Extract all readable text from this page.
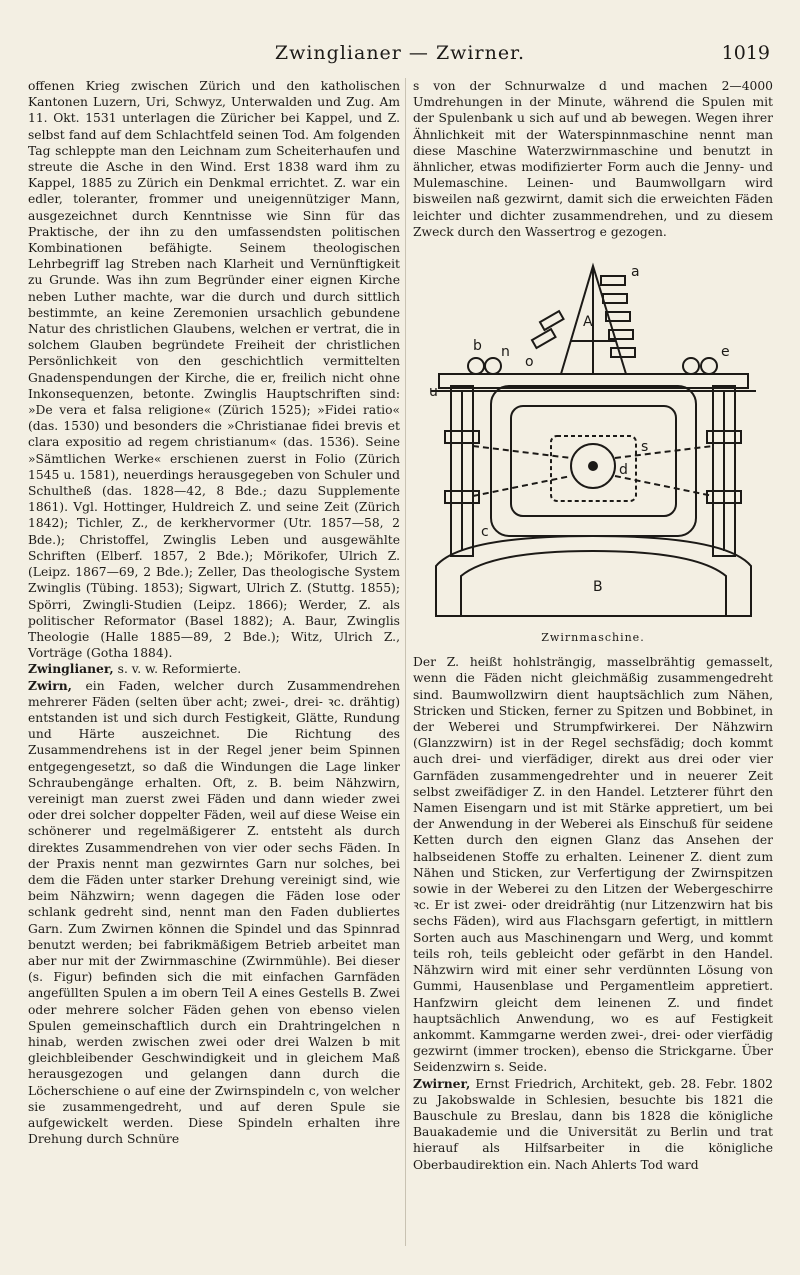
Zwinglianer — Zwirner.	1019

offenen Krieg zwischen Zürich und den katholischen Kantonen Luzern, Uri, Schwyz, Unterwalden und Zug. Am 11. Okt. 1531 unterlagen die Züricher bei Kappel, und Z. selbst fand auf dem Schlachtfeld seinen Tod. Am folgenden Tag schleppte man den Leichnam zum Scheiterhaufen und streute die Asche in den Wind. Erst 1838 ward ihm zu Kappel, 1885 zu Zürich ein Denkmal errichtet. Z. war ein edler, toleranter, frommer und uneigennütziger Mann, ausgezeichnet durch Kenntnisse wie Sinn für das Praktische, der ihn zu den umfassendsten politischen Kombinationen befähigte. Seinem theologischen Lehrbegriff lag Streben nach Klarheit und Vernünftigkeit zu Grunde. Was ihn zum Begründer einer eignen Kirche neben Luther machte, war die durch und durch sittlich bestimmte, an keine Zeremonien ursachlich gebundene Natur des christlichen Glaubens, welchen er vertrat, die in solchem Glauben begründete Freiheit der christlichen Persönlichkeit von den geschichtlich vermittelten Gnadenspendungen der Kirche, die er, freilich nicht ohne Inkonsequenzen, betonte. Zwinglis Hauptschriften sind: »De vera et falsa religione« (Zürich 1525); »Fidei ratio« (das. 1530) und besonders die »Christianae fidei brevis et clara expositio ad regem christianum« (das. 1536). Seine »Sämtlichen Werke« erschienen zuerst in Folio (Zürich 1545 u. 1581), neuerdings herausgegeben von Schuler und Schultheß (das. 1828—42, 8 Bde.; dazu Supplemente 1861). Vgl. Hottinger, Huldreich Z. und seine Zeit (Zürich 1842); Tichler, Z., de kerkhervormer (Utr. 1857—58, 2 Bde.); Christoffel, Zwinglis Leben und ausgewählte Schriften (Elberf. 1857, 2 Bde.); Mörikofer, Ulrich Z. (Leipz. 1867—69, 2 Bde.); Zeller, Das theologische System Zwinglis (Tübing. 1853); Sigwart, Ulrich Z. (Stuttg. 1855); Spörri, Zwingli-Studien (Leipz. 1866); Werder, Z. als politischer Reformator (Basel 1882); A. Baur, Zwinglis Theologie (Halle 1885—89, 2 Bde.); Witz, Ulrich Z., Vorträge (Gotha 1884).

Zwinglianer, s. v. w. Reformierte.

Zwirn, ein Faden, welcher durch Zusammendrehen mehrerer Fäden (selten über acht; zwei-, drei- ꝛc. drähtig) entstanden ist und sich durch Festigkeit, Glätte, Rundung und Härte auszeichnet. Die Richtung des Zusammendrehens ist in der Regel jener beim Spinnen entgegengesetzt, so daß die Windungen die Lage linker Schraubengänge erhalten. Oft, z. B. beim Nähzwirn, vereinigt man zuerst zwei Fäden und dann wieder zwei oder drei solcher doppelter Fäden, weil auf diese Weise ein schönerer und regelmäßigerer Z. entsteht als durch direktes Zusammendrehen von vier oder sechs Fäden. In der Praxis nennt man gezwirntes Garn nur solches, bei dem die Fäden unter starker Drehung vereinigt sind, wie beim Nähzwirn; wenn dagegen die Fäden lose oder schlank gedreht sind, nennt man den Faden dubliertes Garn. Zum Zwirnen können die Spindel und das Spinnrad benutzt werden; bei fabrikmäßigem Betrieb arbeitet man aber nur mit der Zwirnmaschine (Zwirnmühle). Bei dieser (s. Figur) befinden sich die mit einfachen Garnfäden angefüllten Spulen a im obern Teil A eines Gestells B. Zwei oder mehrere solcher Fäden gehen von ebenso vielen Spulen gemeinschaftlich durch ein Drahtringelchen n hinab, werden zwischen zwei oder drei Walzen b mit gleichbleibender Geschwindigkeit und in gleichem Maß herausgezogen und gelangen dann durch die Löcherschiene o auf eine der Zwirnspindeln c, von welcher sie zusammengedreht, und auf deren Spule sie aufgewickelt werden. Diese Spindeln erhalten ihre Drehung durch Schnüre

s von der Schnurwalze d und machen 2—4000 Umdrehungen in der Minute, während die Spulen mit der Spulenbank u sich auf und ab bewegen. Wegen ihrer Ähnlichkeit mit der Waterspinnmaschine nennt man diese Maschine Waterzwirnmaschine und benutzt in ähnlicher, etwas modifizierter Form auch die Jenny- und Mulemaschine. Leinen- und Baumwollgarn wird bisweilen naß gezwirnt, damit sich die erweichten Fäden leichter und dichter zusammendrehen, und zu diesem Zweck durch den Wassertrog e gezogen.

a
A
b n
o
u
c
s
d
e
B
Zwirnmaschine.

Der Z. heißt hohlsträngig, masselbrähtig gemasselt, wenn die Fäden nicht gleichmäßig zusammengedreht sind. Baumwollzwirn dient hauptsächlich zum Nähen, Stricken und Sticken, ferner zu Spitzen und Bobbinet, in der Weberei und Strumpfwirkerei. Der Nähzwirn (Glanzzwirn) ist in der Regel sechsfädig; doch kommt auch drei- und vierfädiger, direkt aus drei oder vier Garnfäden zusammengedrehter und in neuerer Zeit selbst zweifädiger Z. in den Handel. Letzterer führt den Namen Eisengarn und ist mit Stärke appretiert, um bei der Anwendung in der Weberei als Einschuß für seidene Ketten durch den eignen Glanz das Ansehen der halbseidenen Stoffe zu erhalten. Leinener Z. dient zum Nähen und Sticken, zur Verfertigung der Zwirnspitzen sowie in der Weberei zu den Litzen der Webergeschirre ꝛc. Er ist zwei- oder dreidrähtig (nur Litzenzwirn hat bis sechs Fäden), wird aus Flachsgarn gefertigt, in mittlern Sorten auch aus Maschinengarn und Werg, und kommt teils roh, teils gebleicht oder gefärbt in den Handel. Nähzwirn wird mit einer sehr verdünnten Lösung von Gummi, Hausenblase und Pergamentleim appretiert. Hanfzwirn gleicht dem leinenen Z. und findet hauptsächlich Anwendung, wo es auf Festigkeit ankommt. Kammgarne werden zwei-, drei- oder vierfädig gezwirnt (immer trocken), ebenso die Strickgarne. Über Seidenzwirn s. Seide.

Zwirner, Ernst Friedrich, Architekt, geb. 28. Febr. 1802 zu Jakobswalde in Schlesien, besuchte bis 1821 die Bauschule zu Breslau, dann bis 1828 die königliche Bauakademie und die Universität zu Berlin und trat hierauf als Hilfsarbeiter in die königliche Oberbaudirektion ein. Nach Ahlerts Tod ward
